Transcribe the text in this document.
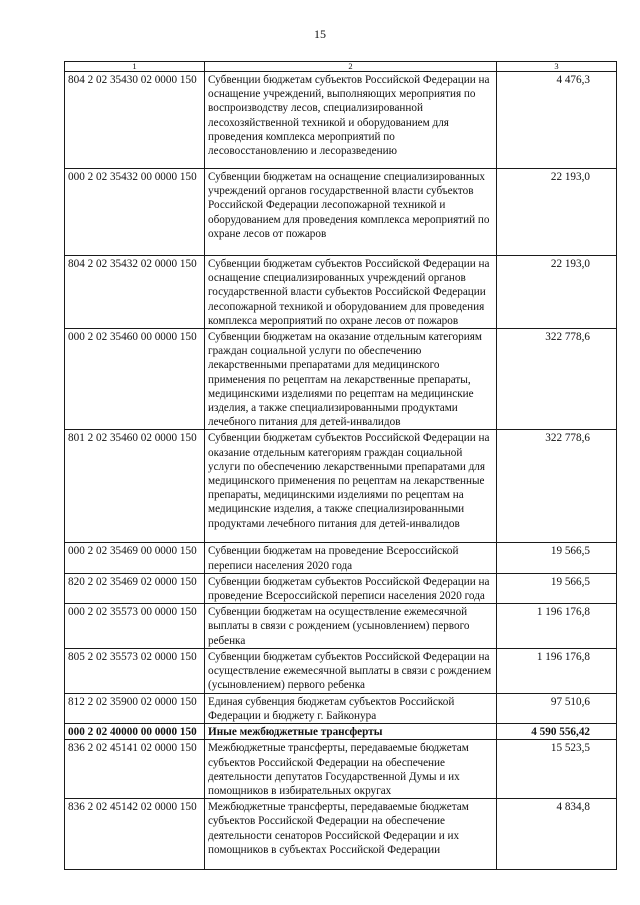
15
1	2	3
804 2 02 35430 02 0000 150	Субвенции бюджетам субъектов Российской Федерации на оснащение учреждений, выполняющих мероприятия по воспроизводству лесов, специализированной лесохозяйственной техникой и оборудованием для проведения комплекса мероприятий по лесовосстановлению и лесоразведению	4 476,3
000 2 02 35432 00 0000 150	Субвенции бюджетам на оснащение специализированных учреждений органов государственной власти субъектов Российской Федерации лесопожарной техникой и оборудованием для проведения комплекса мероприятий по охране лесов от пожаров	22 193,0
804 2 02 35432 02 0000 150	Субвенции бюджетам субъектов Российской Федерации на оснащение специализированных учреждений органов государственной власти субъектов Российской Федерации лесопожарной техникой и оборудованием для проведения комплекса мероприятий по охране лесов от пожаров	22 193,0
000 2 02 35460 00 0000 150	Субвенции бюджетам на оказание отдельным категориям граждан социальной услуги по обеспечению лекарственными препаратами для медицинского применения по рецептам на лекарственные препараты, медицинскими изделиями по рецептам на медицинские изделия, а также специализированными продуктами лечебного питания для детей-инвалидов	322 778,6
801 2 02 35460 02 0000 150	Субвенции бюджетам субъектов Российской Федерации на оказание отдельным категориям граждан социальной услуги по обеспечению лекарственными препаратами для медицинского применения по рецептам на лекарственные препараты, медицинскими изделиями по рецептам на медицинские изделия, а также специализированными продуктами лечебного питания для детей-инвалидов	322 778,6
000 2 02 35469 00 0000 150	Субвенции бюджетам на проведение Всероссийской переписи населения 2020 года	19 566,5
820 2 02 35469 02 0000 150	Субвенции бюджетам субъектов Российской Федерации на проведение Всероссийской переписи населения 2020 года	19 566,5
000 2 02 35573 00 0000 150	Субвенции бюджетам на осуществление ежемесячной выплаты в связи с рождением (усыновлением) первого ребенка	1 196 176,8
805 2 02 35573 02 0000 150	Субвенции бюджетам субъектов Российской Федерации на осуществление ежемесячной выплаты в связи с рождением (усыновлением) первого ребенка	1 196 176,8
812 2 02 35900 02 0000 150	Единая субвенция бюджетам субъектов Российской Федерации и бюджету г. Байконура	97 510,6
000 2 02 40000 00 0000 150	Иные межбюджетные трансферты	4 590 556,42
836 2 02 45141 02 0000 150	Межбюджетные трансферты, передаваемые бюджетам субъектов Российской Федерации на обеспечение деятельности депутатов Государственной Думы и их помощников в избирательных округах	15 523,5
836 2 02 45142 02 0000 150	Межбюджетные трансферты, передаваемые бюджетам субъектов Российской Федерации на обеспечение деятельности сенаторов Российской Федерации и их помощников в субъектах Российской Федерации	4 834,8
